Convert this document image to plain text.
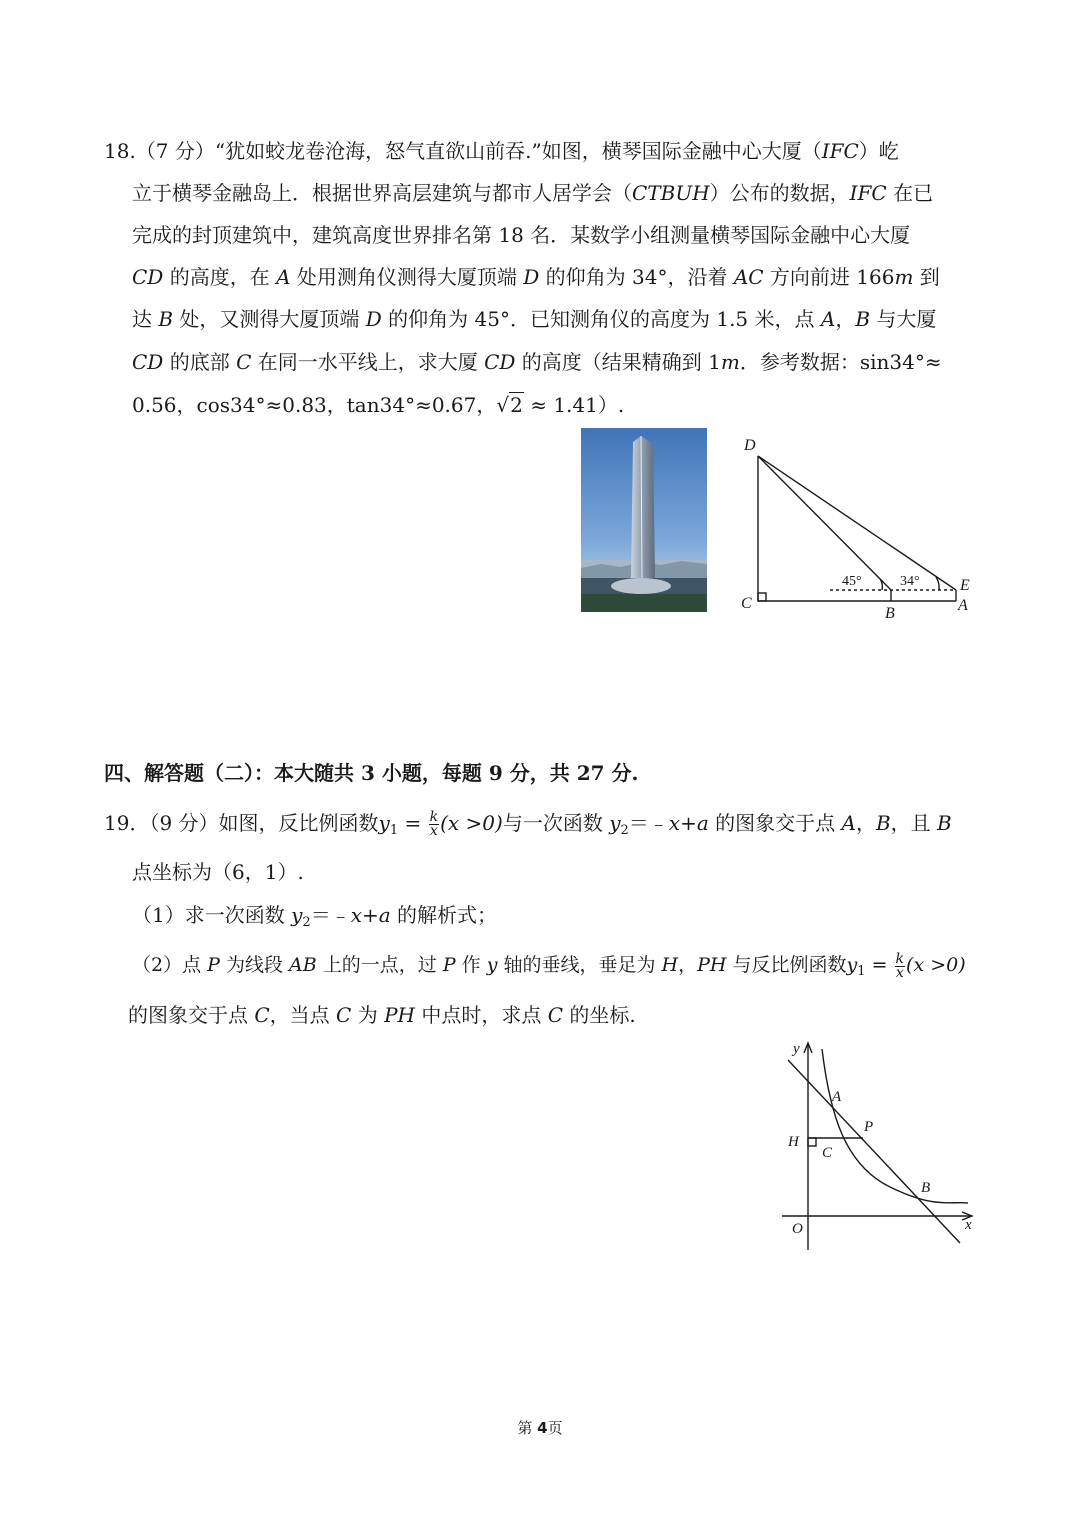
18.（7 分）“犹如蛟龙卷沧海，怒气直欲山前吞.”如图，横琴国际金融中心大厦（IFC）屹
立于横琴金融岛上．根据世界高层建筑与都市人居学会（CTBUH）公布的数据，IFC 在已
完成的封顶建筑中，建筑高度世界排名第 18 名．某数学小组测量横琴国际金融中心大厦
CD 的高度，在 A 处用测角仪测得大厦顶端 D 的仰角为 34°，沿着 AC 方向前进 166m 到
达 B 处，又测得大厦顶端 D 的仰角为 45°．已知测角仪的高度为 1.5 米，点 A，B 与大厦
CD 的底部 C 在同一水平线上，求大厦 CD 的高度（结果精确到 1m．参考数据：sin34°≈
0.56，cos34°≈0.83，tan34°≈0.67，√2 ≈ 1.41）.
D
C
B	A
E
45°	34°
四、解答题（二）：本大随共 3 小题，每题 9 分，共 27 分.
19．（9 分）如图，反比例函数$y_1 = \frac{k}{x} (x >0)$与一次函数 $y_2=﹣x+a$ 的图象交于点 A，B，且 B
点坐标为（6，1）.
（1）求一次函数 $y_2=﹣x+a$ 的解析式；
（2）点 P 为线段 AB 上的一点，过 P 作 y 轴的垂线，垂足为 H，PH 与反比例函数$y_1 = \frac{k}{x} (x >0)$
的图象交于点 C，当点 C 为 PH 中点时，求点 C 的坐标.
y
x
O
A
P
H
C
B
第 4页
